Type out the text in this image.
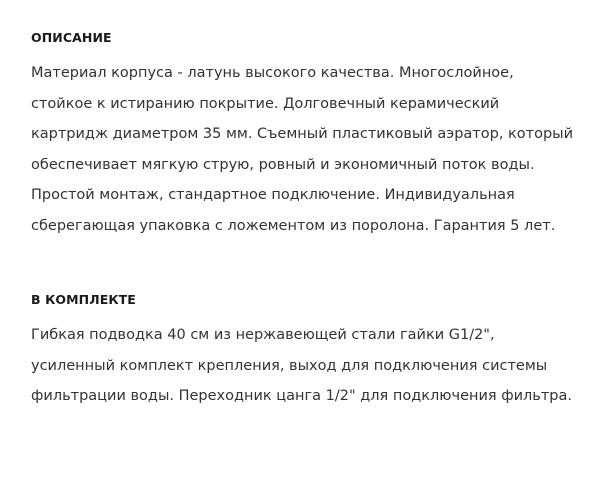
ОПИСАНИЕ

Материал корпуса - латунь высокого качества. Многослойное, стойкое к истиранию покрытие. Долговечный керамический картридж диаметром 35 мм. Съемный пластиковый аэратор, который обеспечивает мягкую струю, ровный и экономичный поток воды. Простой монтаж, стандартное подключение. Индивидуальная сберегающая упаковка с ложементом из поролона. Гарантия 5 лет.

В КОМПЛЕКТЕ

Гибкая подводка 40 см из нержавеющей стали гайки G1/2", усиленный комплект крепления, выход для подключения системы фильтрации воды. Переходник цанга 1/2" для подключения фильтра.
